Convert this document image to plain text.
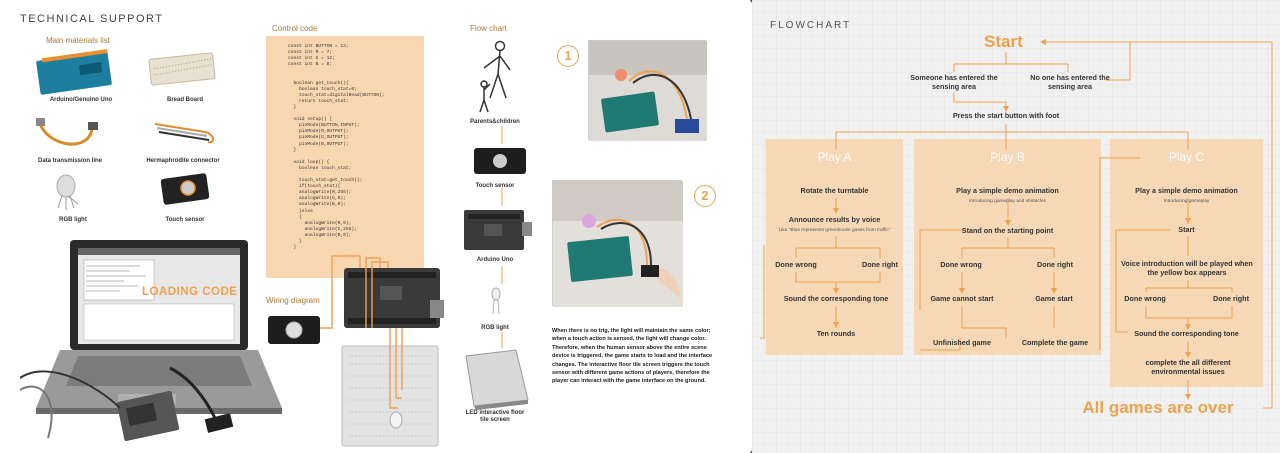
TECHNICAL SUPPORT
Main materials list
Arduino/Genuino Uno	Bread Board
Data transmission line	Hermaphrodite connector
RGB light	Touch sensor
LOADING CODE
Control code
const int BUTTON = 13;
const int R = 7;
const int G = 12;
const int B = 8;

boolean get_touch(){
boolean touch_stat=0;
touch_stat=digitalRead(BUTTON);
return touch_stat;
}

void setup() {
pinMode(BUTTON,INPUT);
pinMode(R,OUTPUT);
pinMode(G,OUTPUT);
pinMode(B,OUTPUT);
}

void loop() {
boolean touch_stat;

touch_stat=get_touch();
if(touch_stat){
analogWrite(R,255);
analogWrite(G,0);
analogWrite(B,0);
}else
{
analogWrite(R,0);
analogWrite(G,255);
analogWrite(B,0);
}
}
Wiring diagram
Flow chart
Parents&children
Touch sensor
Arduino Uno
RGB light
LED interactive floor tile screen
1
2

When there is no trig, the light will maintain the same color; when a touch action is sensed, the light will change color.

Therefore, when the human sensor above the entire scene device is triggered, the game starts to load and the interface changes. The interactive floor tile screen triggers the touch sensor with different game actions of players, therefore the player can interact with the game interface on the ground.

FLOWCHART
Start
Someone has entered the sensing area
No one has entered the sensing area
Press the start button with foot
Play A
Rotate the turntable
Announce results by voice
Like "Blue represents greenhouse gases from traffic"
Done wrong	Done right
Sound the corresponding tone
Ten rounds
Play B
Play a simple demo animation
Introducing gameplay and obstacles
Stand on the starting point
Done wrong	Done right
Game cannot start	Game start
Unfinished game	Complete the game
Play C
Play a simple demo animation
Introducing gameplay
Start
Voice introduction will be played when the yellow box appears
Done wrong	Done right
Sound the corresponding tone
complete the all different environmental issues
All games are over
